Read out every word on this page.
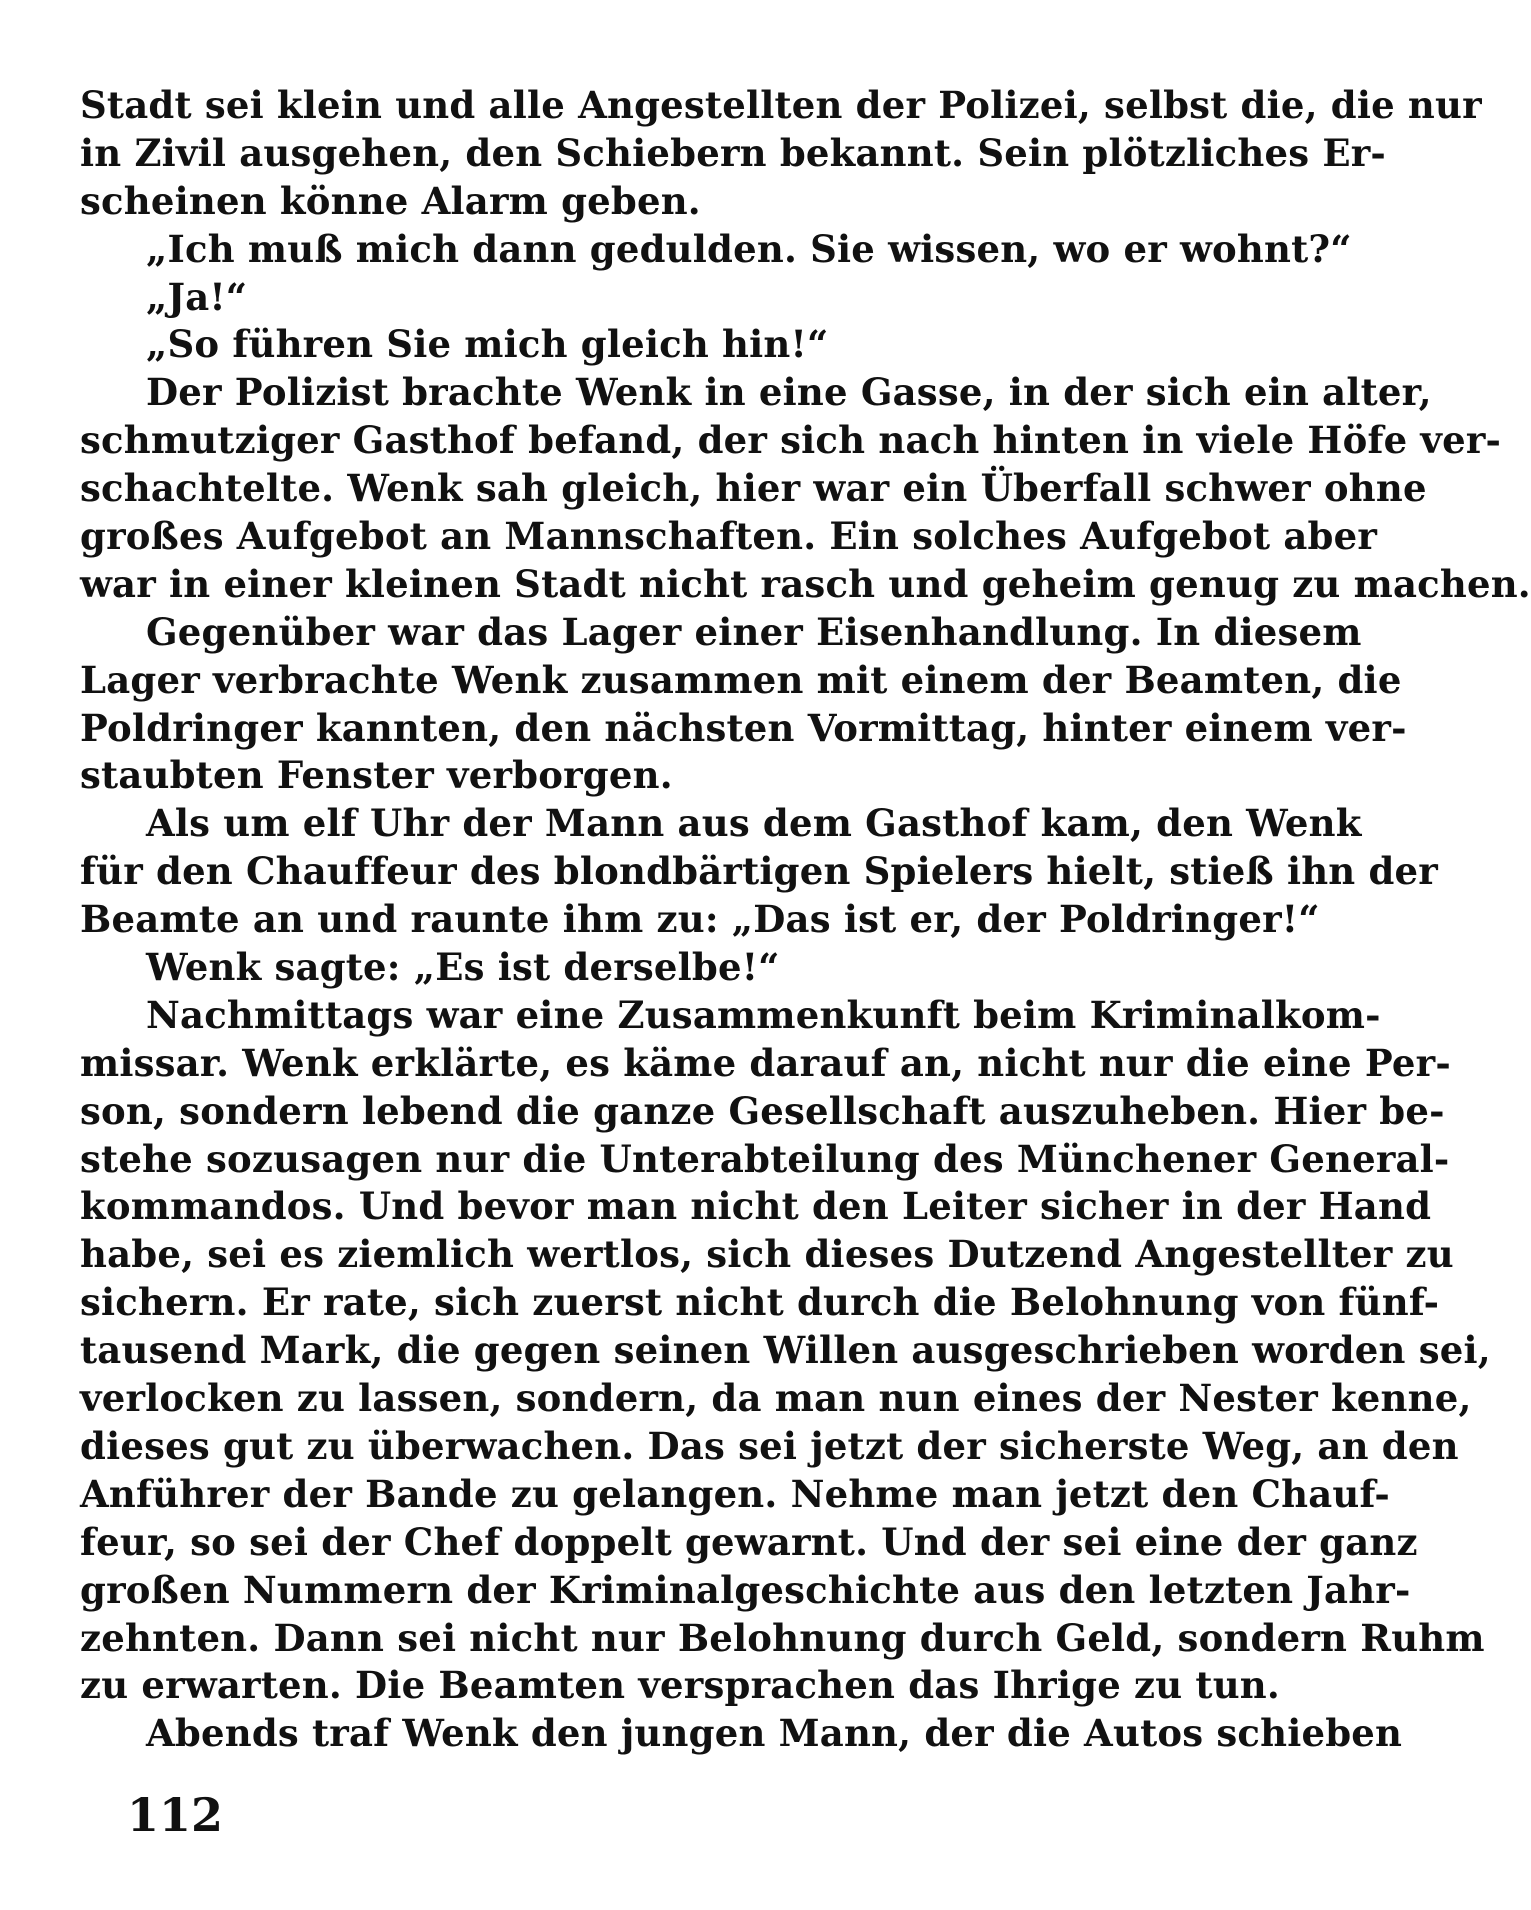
Stadt sei klein und alle Angestellten der Polizei, selbst die, die nur
in Zivil ausgehen, den Schiebern bekannt. Sein plötzliches Er-
scheinen könne Alarm geben.
„Ich muß mich dann gedulden. Sie wissen, wo er wohnt?“
„Ja!“
„So führen Sie mich gleich hin!“
Der Polizist brachte Wenk in eine Gasse, in der sich ein alter,
schmutziger Gasthof befand, der sich nach hinten in viele Höfe ver-
schachtelte. Wenk sah gleich, hier war ein Überfall schwer ohne
großes Aufgebot an Mannschaften. Ein solches Aufgebot aber
war in einer kleinen Stadt nicht rasch und geheim genug zu machen.
Gegenüber war das Lager einer Eisenhandlung. In diesem
Lager verbrachte Wenk zusammen mit einem der Beamten, die
Poldringer kannten, den nächsten Vormittag, hinter einem ver-
staubten Fenster verborgen.
Als um elf Uhr der Mann aus dem Gasthof kam, den Wenk
für den Chauffeur des blondbärtigen Spielers hielt, stieß ihn der
Beamte an und raunte ihm zu: „Das ist er, der Poldringer!“
Wenk sagte: „Es ist derselbe!“
Nachmittags war eine Zusammenkunft beim Kriminalkom-
missar. Wenk erklärte, es käme darauf an, nicht nur die eine Per-
son, sondern lebend die ganze Gesellschaft auszuheben. Hier be-
stehe sozusagen nur die Unterabteilung des Münchener General-
kommandos. Und bevor man nicht den Leiter sicher in der Hand
habe, sei es ziemlich wertlos, sich dieses Dutzend Angestellter zu
sichern. Er rate, sich zuerst nicht durch die Belohnung von fünf-
tausend Mark, die gegen seinen Willen ausgeschrieben worden sei,
verlocken zu lassen, sondern, da man nun eines der Nester kenne,
dieses gut zu überwachen. Das sei jetzt der sicherste Weg, an den
Anführer der Bande zu gelangen. Nehme man jetzt den Chauf-
feur, so sei der Chef doppelt gewarnt. Und der sei eine der ganz
großen Nummern der Kriminalgeschichte aus den letzten Jahr-
zehnten. Dann sei nicht nur Belohnung durch Geld, sondern Ruhm
zu erwarten. Die Beamten versprachen das Ihrige zu tun.
Abends traf Wenk den jungen Mann, der die Autos schieben
112
